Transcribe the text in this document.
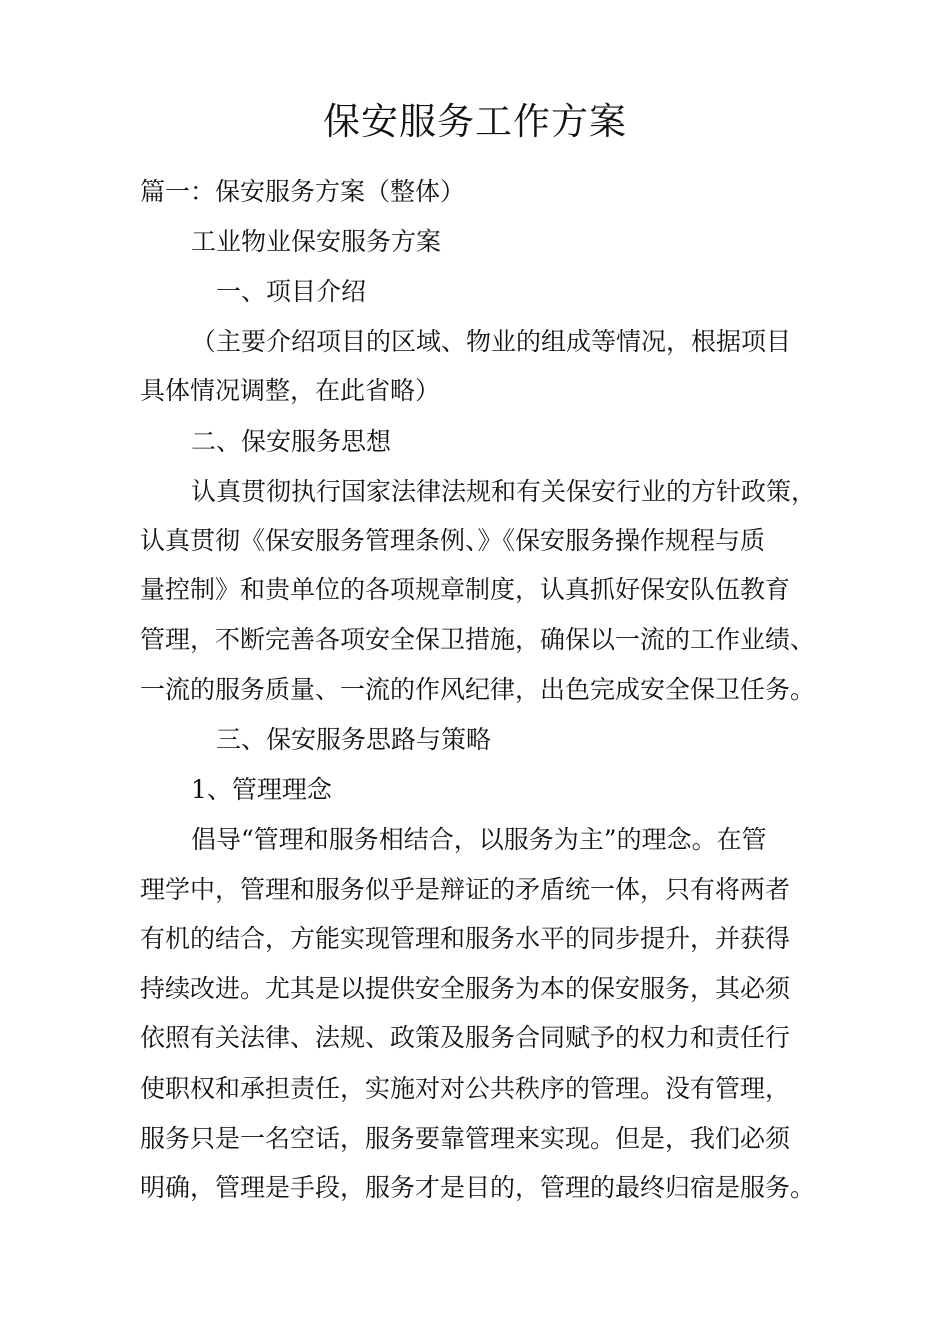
保安服务工作方案
篇一：保安服务方案（整体）
工业物业保安服务方案
一、项目介绍
（主要介绍项目的区域、物业的组成等情况，根据项目
具体情况调整，在此省略）
二、保安服务思想
认真贯彻执行国家法律法规和有关保安行业的方针政策，
认真贯彻《保安服务管理条例、》《保安服务操作规程与质
量控制》和贵单位的各项规章制度，认真抓好保安队伍教育
管理，不断完善各项安全保卫措施，确保以一流的工作业绩、
一流的服务质量、一流的作风纪律，出色完成安全保卫任务。
三、保安服务思路与策略
1、管理理念
倡导“管理和服务相结合，以服务为主”的理念。在管
理学中，管理和服务似乎是辩证的矛盾统一体，只有将两者
有机的结合，方能实现管理和服务水平的同步提升，并获得
持续改进。尤其是以提供安全服务为本的保安服务，其必须
依照有关法律、法规、政策及服务合同赋予的权力和责任行
使职权和承担责任，实施对对公共秩序的管理。没有管理，
服务只是一名空话，服务要靠管理来实现。但是，我们必须
明确，管理是手段，服务才是目的，管理的最终归宿是服务。
